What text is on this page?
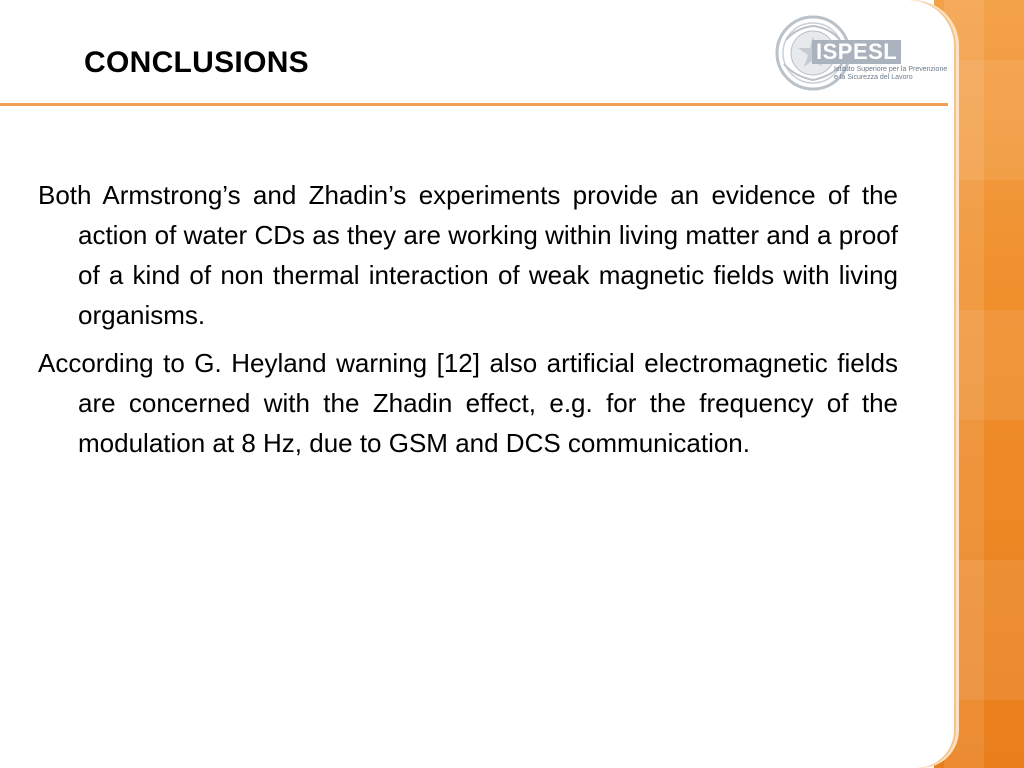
CONCLUSIONS	ISPESL
Istituto Superiore per la Prevenzione
e la Sicurezza del Lavoro

Both Armstrong’s and Zhadin’s experiments provide an evidence of the action of water CDs as they are working within living matter and a proof of a kind of non thermal interaction of weak magnetic fields with living organisms.

According to G. Heyland warning [12] also artificial electromagnetic fields are concerned with the Zhadin effect, e.g. for the frequency of the modulation at 8 Hz, due to GSM and DCS communication.
